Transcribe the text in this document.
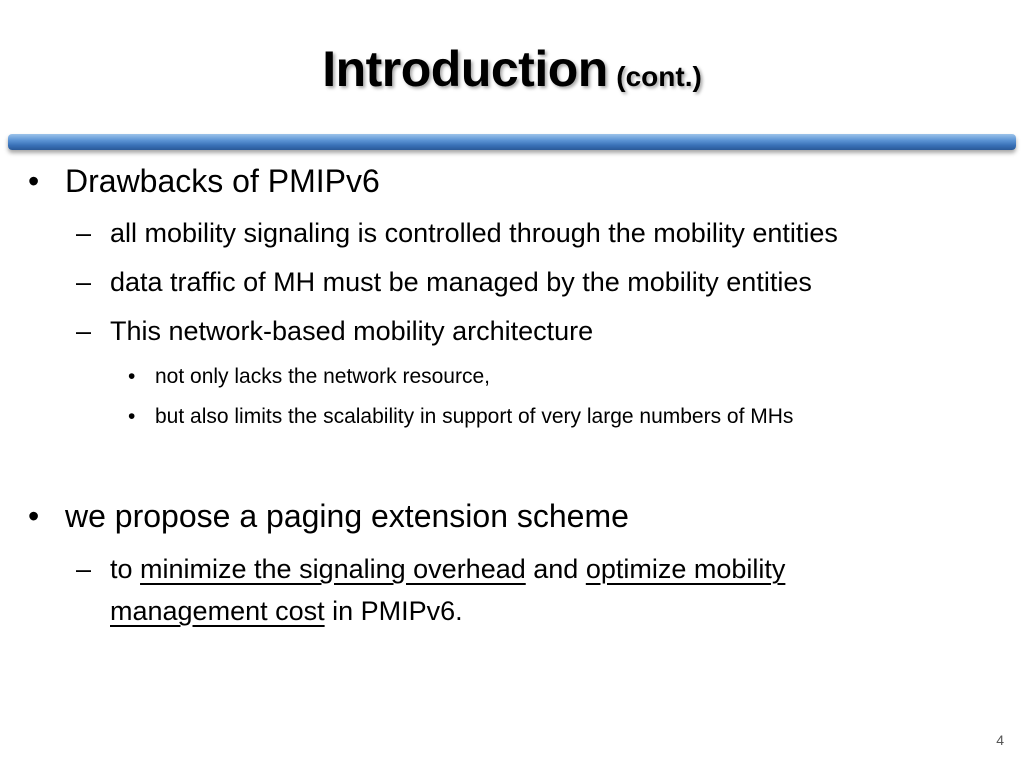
Introduction (cont.)
• Drawbacks of PMIPv6
– all mobility signaling is controlled through the mobility entities
– data traffic of MH must be managed by the mobility entities
– This network-based mobility architecture
• not only lacks the network resource,
• but also limits the scalability in support of very large numbers of MHs
• we propose a paging extension scheme
– to minimize the signaling overhead and optimize mobility
management cost in PMIPv6.
4
